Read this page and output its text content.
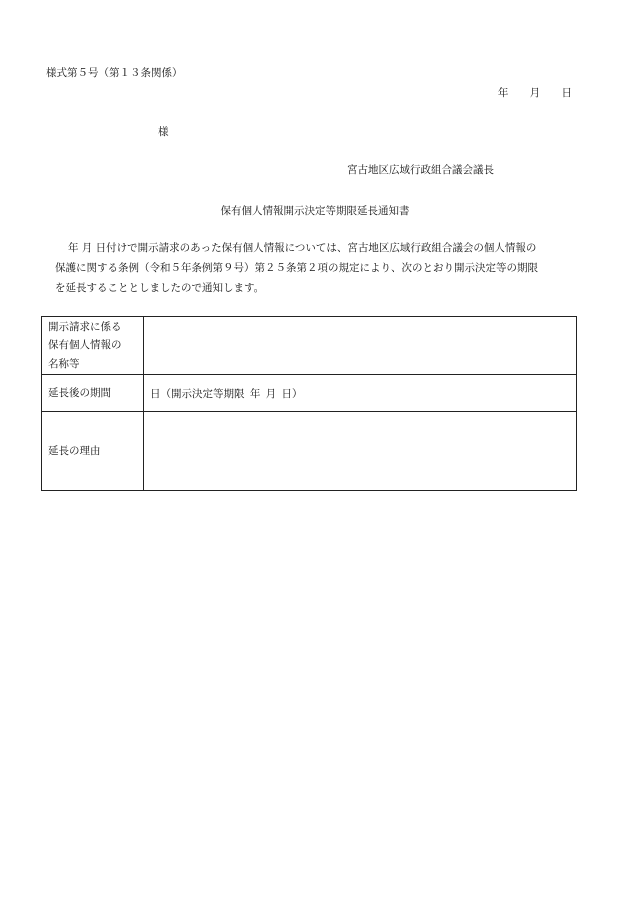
様式第５号（第１３条関係）
年 月 日
様
宮古地区広域行政組合議会議長
保有個人情報開示決定等期限延長通知書
年 月 日付けで開示請求のあった保有個人情報については、宮古地区広域行政組合議会の個人情報の
保護に関する条例（令和５年条例第９号）第２５条第２項の規定により、次のとおり開示決定等の期限
を延長することとしましたので通知します。
開示請求に係る
保有個人情報の
名称等	

延長後の期間	日（開示決定等期限 年 月 日）
延長の理由	
